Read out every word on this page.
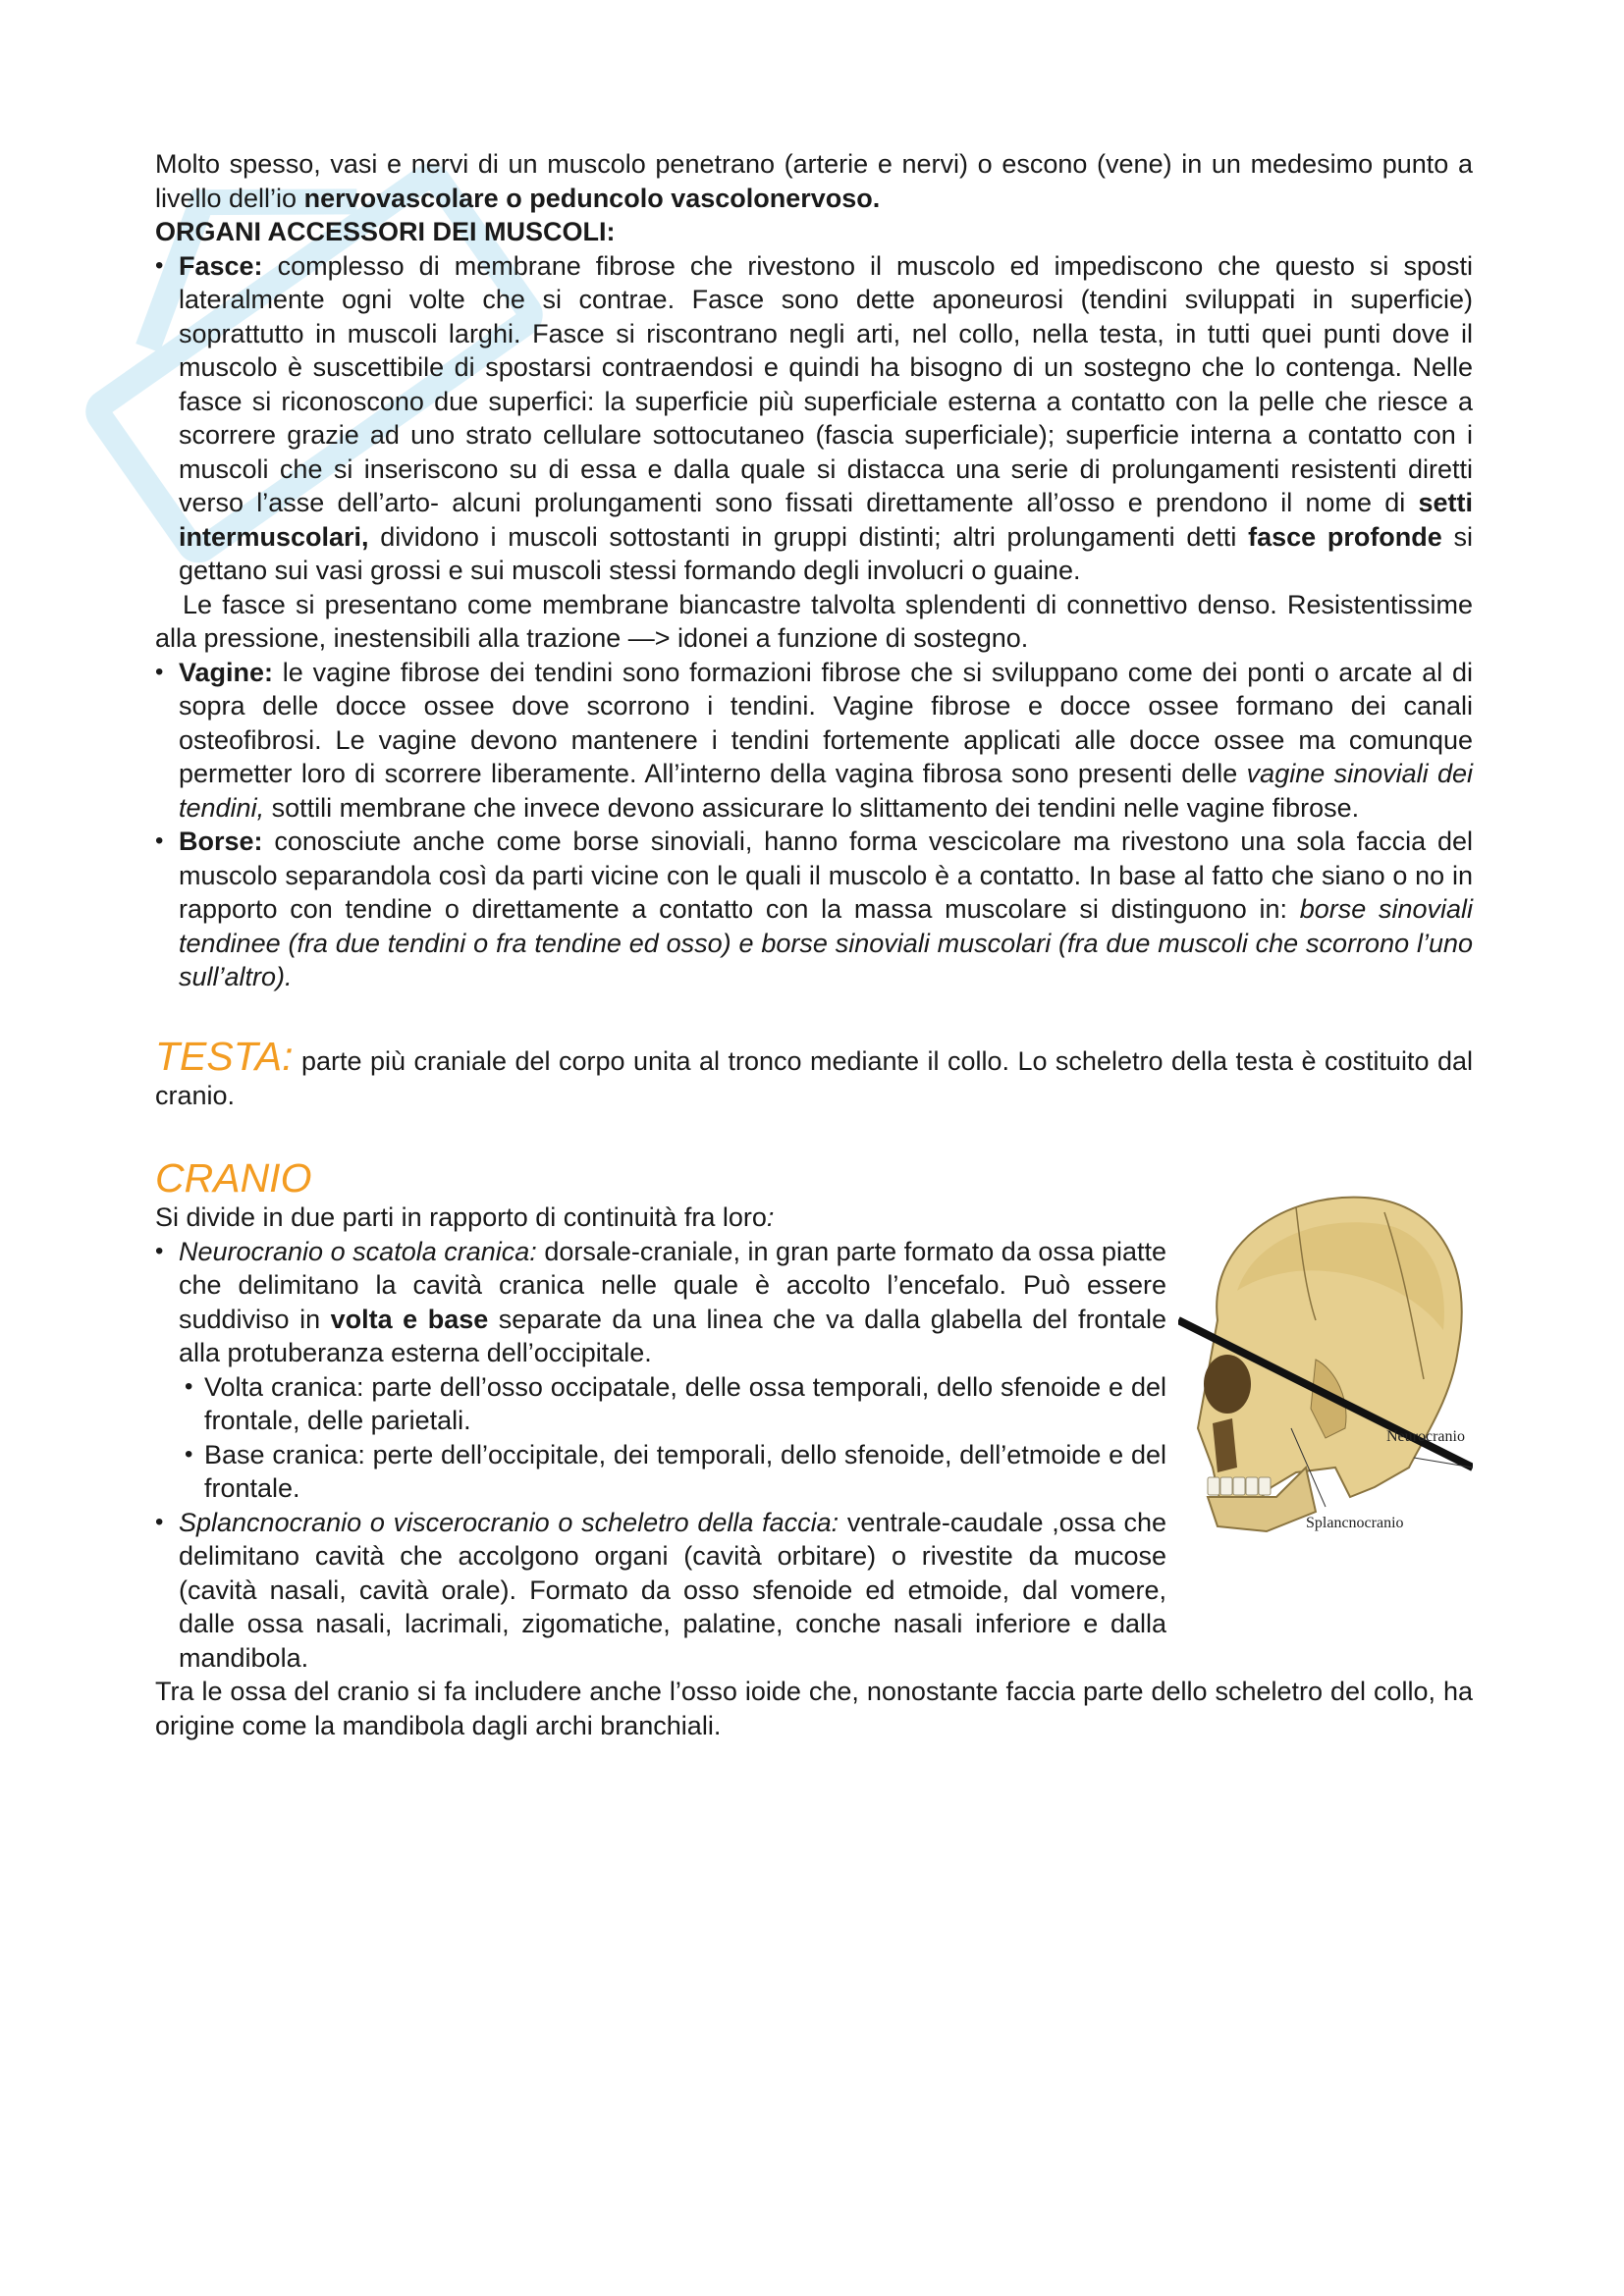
Molto spesso, vasi e nervi di un muscolo penetrano (arterie e nervi) o escono (vene) in un medesimo punto a livello dell’io nervovascolare o peduncolo vascolonervoso.

ORGANI ACCESSORI DEI MUSCOLI:

• Fasce: complesso di membrane fibrose che rivestono il muscolo ed impediscono che questo si sposti lateralmente ogni volte che si contrae. Fasce sono dette aponeurosi (tendini sviluppati in superficie) soprattutto in muscoli larghi. Fasce si riscontrano negli arti, nel collo, nella testa, in tutti quei punti dove il muscolo è suscettibile di spostarsi contraendosi e quindi ha bisogno di un sostegno che lo contenga. Nelle fasce si riconoscono due superfici: la superficie più superficiale esterna a contatto con la pelle che riesce a scorrere grazie ad uno strato cellulare sottocutaneo (fascia superficiale); superficie interna a contatto con i muscoli che si inseriscono su di essa e dalla quale si distacca una serie di prolungamenti resistenti diretti verso l’asse dell’arto- alcuni prolungamenti sono fissati direttamente all’osso e prendono il nome di setti intermuscolari, dividono i muscoli sottostanti in gruppi distinti; altri prolungamenti detti fasce profonde si gettano sui vasi grossi e sui muscoli stessi formando degli involucri o guaine.

Le fasce si presentano come membrane biancastre talvolta splendenti di connettivo denso. Resistentissime alla pressione, inestensibili alla trazione —> idonei a funzione di sostegno.

• Vagine: le vagine fibrose dei tendini sono formazioni fibrose che si sviluppano come dei ponti o arcate al di sopra delle docce ossee dove scorrono i tendini. Vagine fibrose e docce ossee formano dei canali osteofibrosi. Le vagine devono mantenere i tendini fortemente applicati alle docce ossee ma comunque permetter loro di scorrere liberamente. All’interno della vagina fibrosa sono presenti delle vagine sinoviali dei tendini, sottili membrane che invece devono assicurare lo slittamento dei tendini nelle vagine fibrose.
• Borse: conosciute anche come borse sinoviali, hanno forma vescicolare ma rivestono una sola faccia del muscolo separandola così da parti vicine con le quali il muscolo è a contatto. In base al fatto che siano o no in rapporto con tendine o direttamente a contatto con la massa muscolare si distinguono in: borse sinoviali tendinee (fra due tendini o fra tendine ed osso) e borse sinoviali muscolari (fra due muscoli che scorrono l’uno sull’altro).

TESTA: parte più craniale del corpo unita al tronco mediante il collo. Lo scheletro della testa è costituito dal cranio.

CRANIO
Neurocranio
Splancnocranio

Si divide in due parti in rapporto di continuità fra loro:

• Neurocranio o scatola cranica: dorsale-craniale, in gran parte formato da ossa piatte che delimitano la cavità cranica nelle quale è accolto l’encefalo. Può essere suddiviso in volta e base separate da una linea che va dalla glabella del frontale alla protuberanza esterna dell’occipitale.
• Volta cranica: parte dell’osso occipatale, delle ossa temporali, dello sfenoide e del frontale, delle parietali.
• Base cranica: perte dell’occipitale, dei temporali, dello sfenoide, dell’etmoide e del frontale.
• Splancnocranio o viscerocranio o scheletro della faccia: ventrale-caudale ,ossa che delimitano cavità che accolgono organi (cavità orbitare) o rivestite da mucose (cavità nasali, cavità orale). Formato da osso sfenoide ed etmoide, dal vomere, dalle ossa nasali, lacrimali, zigomatiche, palatine, conche nasali inferiore e dalla mandibola.

Tra le ossa del cranio si fa includere anche l’osso ioide che, nonostante faccia parte dello scheletro del collo, ha origine come la mandibola dagli archi branchiali.
